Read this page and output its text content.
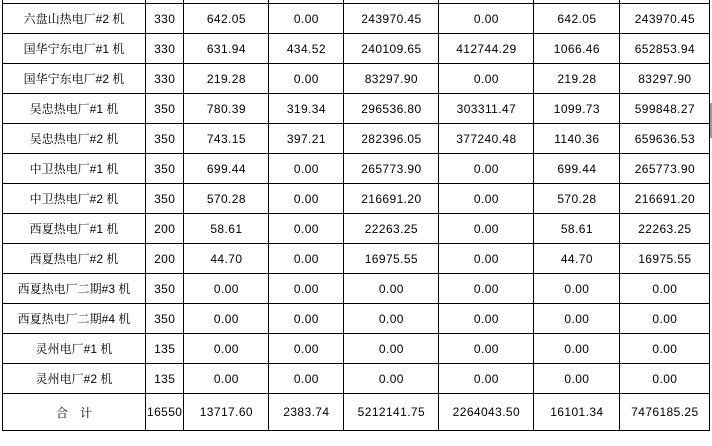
六盘山热电厂#2 机	330	642.05	0.00	243970.45	0.00	642.05	243970.45
国华宁东电厂#1 机	330	631.94	434.52	240109.65	412744.29	1066.46	652853.94
国华宁东电厂#2 机	330	219.28	0.00	83297.90	0.00	219.28	83297.90
吴忠热电厂#1 机	350	780.39	319.34	296536.80	303311.47	1099.73	599848.27
吴忠热电厂#2 机	350	743.15	397.21	282396.05	377240.48	1140.36	659636.53
中卫热电厂#1 机	350	699.44	0.00	265773.90	0.00	699.44	265773.90
中卫热电厂#2 机	350	570.28	0.00	216691.20	0.00	570.28	216691.20
西夏热电厂#1 机	200	58.61	0.00	22263.25	0.00	58.61	22263.25
西夏热电厂#2 机	200	44.70	0.00	16975.55	0.00	44.70	16975.55
西夏热电厂二期#3 机	350	0.00	0.00	0.00	0.00	0.00	0.00
西夏热电厂二期#4 机	350	0.00	0.00	0.00	0.00	0.00	0.00
灵州电厂#1 机	135	0.00	0.00	0.00	0.00	0.00	0.00
灵州电厂#2 机	135	0.00	0.00	0.00	0.00	0.00	0.00
合　计	16550	13717.60	2383.74	5212141.75	2264043.50	16101.34	7476185.25
